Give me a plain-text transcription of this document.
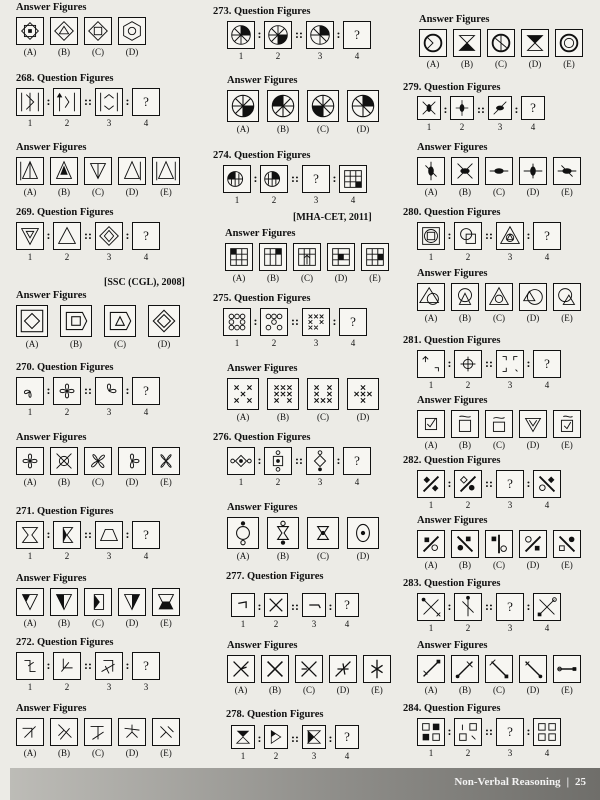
Answer Figures
(A)	(B)	(C)	(D)
268. Question Figures
1
:
2
::
3
:	?
4
Answer Figures
(A)	(B)	(C)	(D)	(E)
269. Question Figures
1
:
2
::
3
:	?
4
[SSC (CGL), 2008]
Answer Figures
(A)	(B)	(C)	(D)
270. Question Figures
1
:
2
::
3
:	?
4
Answer Figures
(A)	(B)	(C)	(D)	(E)
271. Question Figures
1
:
2
::
3
:	?
4
Answer Figures
(A)	(B)	(C)	(D)	(E)
272. Question Figures
1
:
2
::
3
:	?
3
Answer Figures
(A)	(B)	(C)	(D)	(E)
273. Question Figures
1
:
2
::
3
:	?
4
Answer Figures
(A)	(B)	(C)	(D)
274. Question Figures
1
:
2
::	?
3
:
4
[MHA-CET, 2011]
Answer Figures
(A)	(B)	(C)	(D)	(E)
275. Question Figures
1
:
2
::
3
:	?
4
Answer Figures
(A)	(B)	(C)	(D)
276. Question Figures
1
:
2
::
3
:	?
4
Answer Figures
(A)	(B)	(C)	(D)
277. Question Figures
1
:
2
::
3
: ?
4
Answer Figures
(A)	(B)	(C)	(D)	(E)
278. Question Figures
1
:
2
::
3
: ?
4
Answer Figures
(A)	(B)	(C)	(D)	(E)
279. Question Figures
1
:
2
::
3
: ?
4
Answer Figures
(A)	(B)	(C)	(D)	(E)
280. Question Figures
1
:
2
::
3
:	?
4
Answer Figures
(A)	(B)	(C)	(D)	(E)
281. Question Figures
1
:
2
::
3
:	?
4
Answer Figures
(A)	(B)	(C)	(D)	(E)
282. Question Figures
1
:
2
::	?
3
:
4
Answer Figures
(A)	(B)	(C)	(D)	(E)
283. Question Figures
1
:
2
::	?
3
:
4
Answer Figures
(A)	(B)	(C)	(D)	(E)
284. Question Figures
1
:
2
::	?
3
:
4
Non-Verbal Reasoning | 25
